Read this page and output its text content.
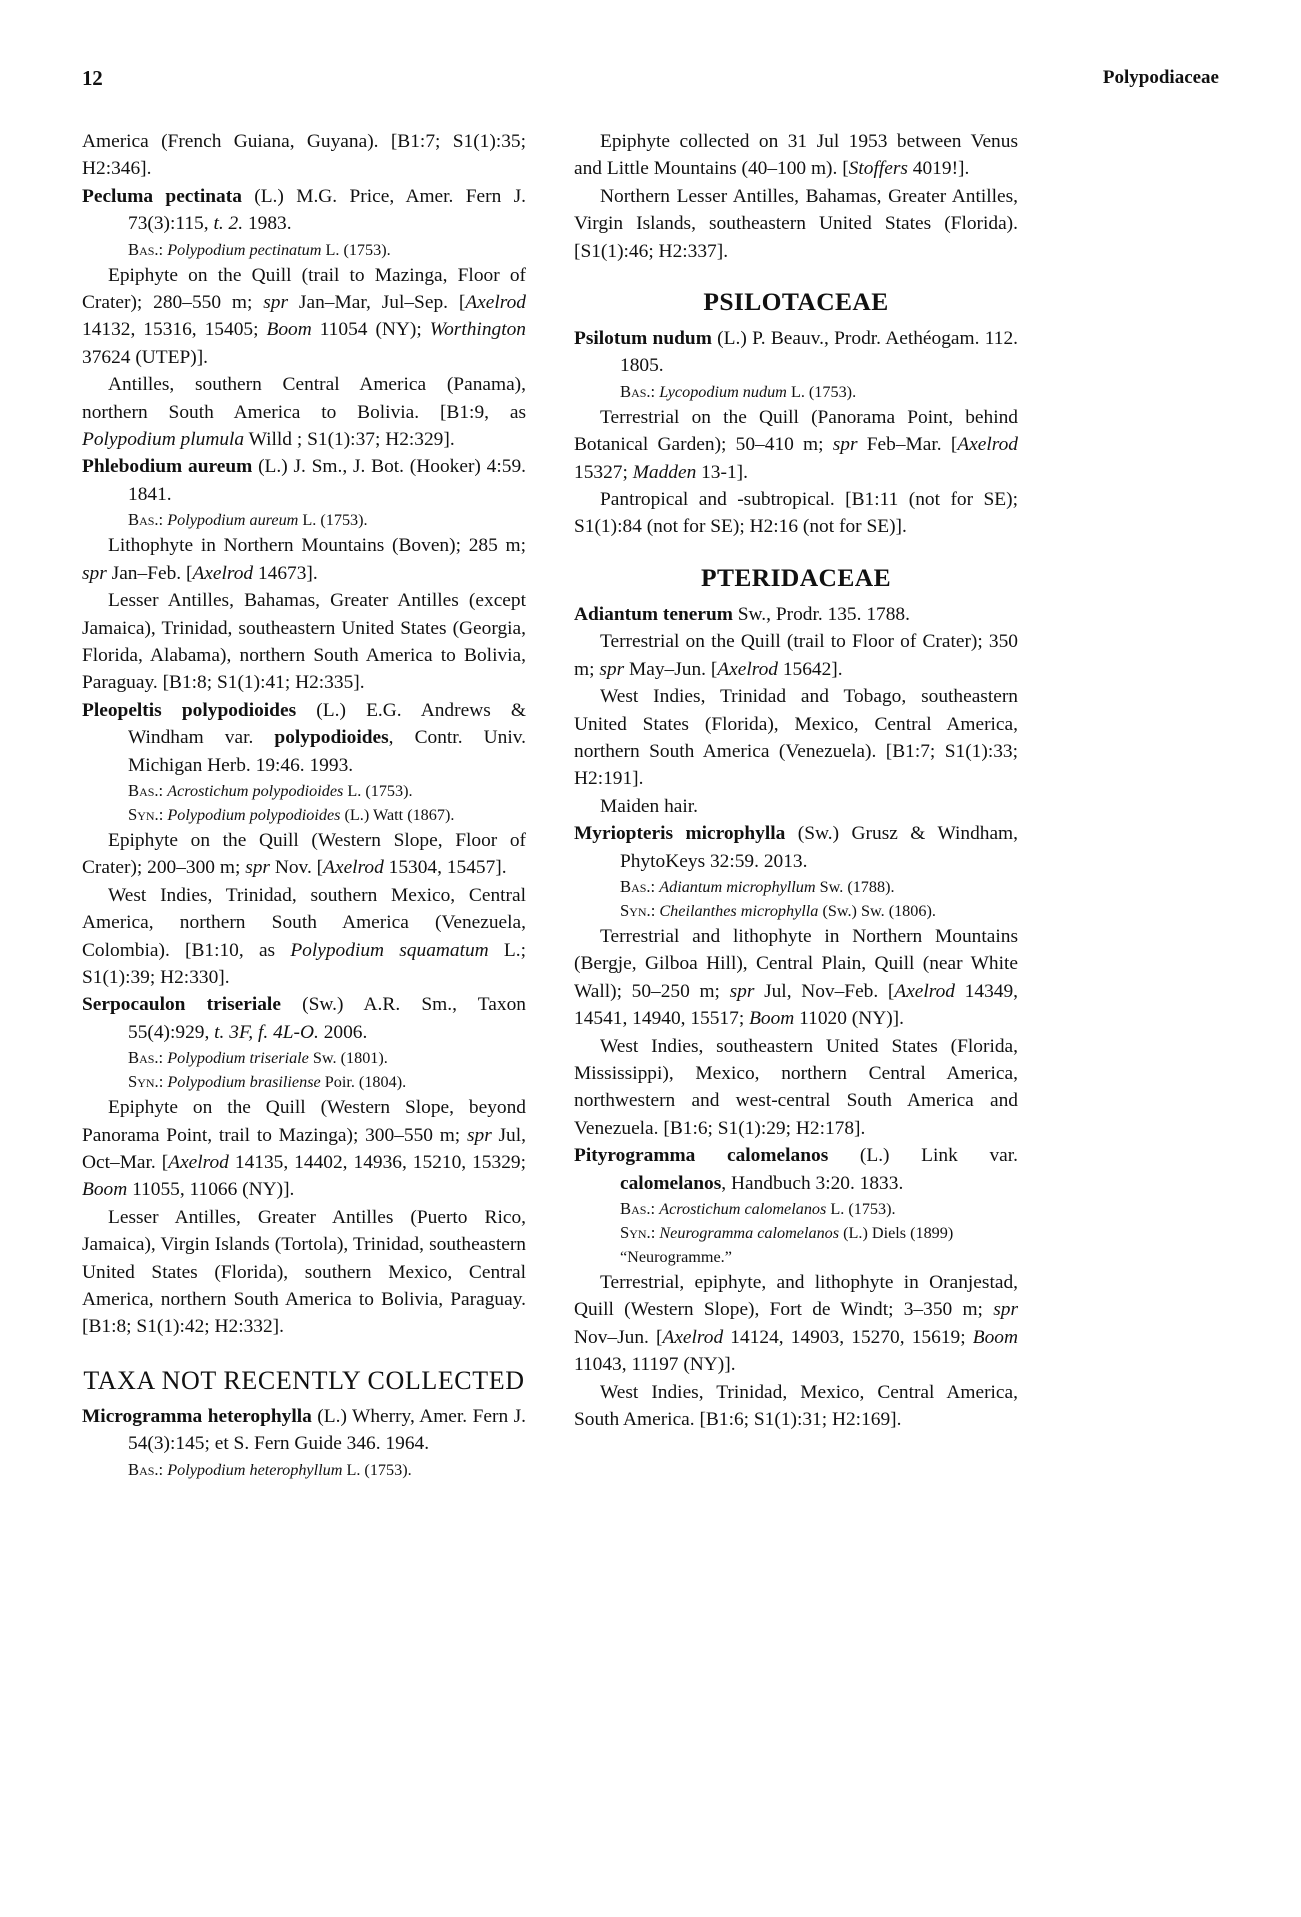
12	Polypodiaceae

America (French Guiana, Guyana). [B1:7; S1(1):35; H2:346].

Pecluma pectinata (L.) M.G. Price, Amer. Fern J. 73(3):115, t. 2. 1983.

Bas.: Polypodium pectinatum L. (1753).

Epiphyte on the Quill (trail to Mazinga, Floor of Crater); 280–550 m; spr Jan–Mar, Jul–Sep. [Axelrod 14132, 15316, 15405; Boom 11054 (NY); Worthington 37624 (UTEP)].

Antilles, southern Central America (Panama), northern South America to Bolivia. [B1:9, as Polypodium plumula Willd ; S1(1):37; H2:329].

Phlebodium aureum (L.) J. Sm., J. Bot. (Hooker) 4:59. 1841.

Bas.: Polypodium aureum L. (1753).

Lithophyte in Northern Mountains (Boven); 285 m; spr Jan–Feb. [Axelrod 14673].

Lesser Antilles, Bahamas, Greater Antilles (except Jamaica), Trinidad, southeastern United States (Georgia, Florida, Alabama), northern South America to Bolivia, Paraguay. [B1:8; S1(1):41; H2:335].

Pleopeltis polypodioides (L.) E.G. Andrews & Windham var. polypodioides, Contr. Univ. Michigan Herb. 19:46. 1993.

Bas.: Acrostichum polypodioides L. (1753).

Syn.: Polypodium polypodioides (L.) Watt (1867).

Epiphyte on the Quill (Western Slope, Floor of Crater); 200–300 m; spr Nov. [Axelrod 15304, 15457].

West Indies, Trinidad, southern Mexico, Central America, northern South America (Venezuela, Colombia). [B1:10, as Polypodium squamatum L.; S1(1):39; H2:330].

Serpocaulon triseriale (Sw.) A.R. Sm., Taxon 55(4):929, t. 3F, f. 4L-O. 2006.

Bas.: Polypodium triseriale Sw. (1801).

Syn.: Polypodium brasiliense Poir. (1804).

Epiphyte on the Quill (Western Slope, beyond Panorama Point, trail to Mazinga); 300–550 m; spr Jul, Oct–Mar. [Axelrod 14135, 14402, 14936, 15210, 15329; Boom 11055, 11066 (NY)].

Lesser Antilles, Greater Antilles (Puerto Rico, Jamaica), Virgin Islands (Tortola), Trinidad, southeastern United States (Florida), southern Mexico, Central America, northern South America to Bolivia, Paraguay. [B1:8; S1(1):42; H2:332].

TAXA NOT RECENTLY COLLECTED

Microgramma heterophylla (L.) Wherry, Amer. Fern J. 54(3):145; et S. Fern Guide 346. 1964.

Bas.: Polypodium heterophyllum L. (1753).

Epiphyte collected on 31 Jul 1953 between Venus and Little Mountains (40–100 m). [Stoffers 4019!].

Northern Lesser Antilles, Bahamas, Greater Antilles, Virgin Islands, southeastern United States (Florida). [S1(1):46; H2:337].

PSILOTACEAE

Psilotum nudum (L.) P. Beauv., Prodr. Aethéogam. 112. 1805.

Bas.: Lycopodium nudum L. (1753).

Terrestrial on the Quill (Panorama Point, behind Botanical Garden); 50–410 m; spr Feb–Mar. [Axelrod 15327; Madden 13-1].

Pantropical and -subtropical. [B1:11 (not for SE); S1(1):84 (not for SE); H2:16 (not for SE)].

PTERIDACEAE

Adiantum tenerum Sw., Prodr. 135. 1788.

Terrestrial on the Quill (trail to Floor of Crater); 350 m; spr May–Jun. [Axelrod 15642].

West Indies, Trinidad and Tobago, southeastern United States (Florida), Mexico, Central America, northern South America (Venezuela). [B1:7; S1(1):33; H2:191].

Maiden hair.

Myriopteris microphylla (Sw.) Grusz & Windham, PhytoKeys 32:59. 2013.

Bas.: Adiantum microphyllum Sw. (1788).

Syn.: Cheilanthes microphylla (Sw.) Sw. (1806).

Terrestrial and lithophyte in Northern Mountains (Bergje, Gilboa Hill), Central Plain, Quill (near White Wall); 50–250 m; spr Jul, Nov–Feb. [Axelrod 14349, 14541, 14940, 15517; Boom 11020 (NY)].

West Indies, southeastern United States (Florida, Mississippi), Mexico, northern Central America, northwestern and west-central South America and Venezuela. [B1:6; S1(1):29; H2:178].

Pityrogramma calomelanos (L.) Link var. calomelanos, Handbuch 3:20. 1833.

Bas.: Acrostichum calomelanos L. (1753).

Syn.: Neurogramma calomelanos (L.) Diels (1899) “Neurogramme.”

Terrestrial, epiphyte, and lithophyte in Oranjestad, Quill (Western Slope), Fort de Windt; 3–350 m; spr Nov–Jun. [Axelrod 14124, 14903, 15270, 15619; Boom 11043, 11197 (NY)].

West Indies, Trinidad, Mexico, Central America, South America. [B1:6; S1(1):31; H2:169].
